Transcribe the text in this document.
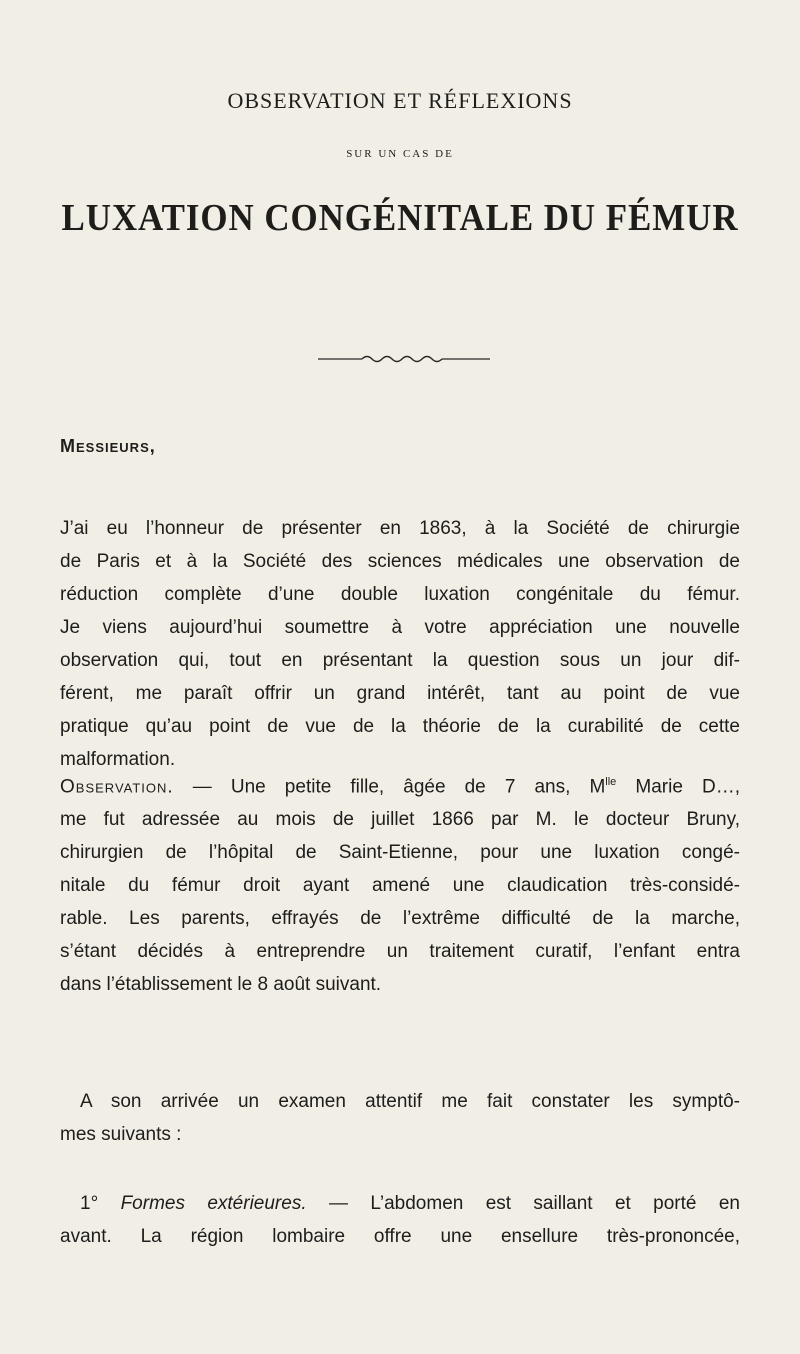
OBSERVATION ET RÉFLEXIONS
SUR UN CAS DE
LUXATION CONGÉNITALE DU FÉMUR
Messieurs,
J’ai eu l’honneur de présenter en 1863, à la Société de chirurgie
de Paris et à la Société des sciences médicales une observation de
réduction complète d’une double luxation congénitale du fémur.
Je viens aujourd’hui soumettre à votre appréciation une nouvelle
observation qui, tout en présentant la question sous un jour dif-
férent, me paraît offrir un grand intérêt, tant au point de vue
pratique qu’au point de vue de la théorie de la curabilité de cette
malformation.
Observation. — Une petite fille, âgée de 7 ans, $M^{lle}$ Marie D…,
me fut adressée au mois de juillet 1866 par M. le docteur Bruny,
chirurgien de l’hôpital de Saint-Etienne, pour une luxation congé-
nitale du fémur droit ayant amené une claudication très-considé-
rable. Les parents, effrayés de l’extrême difficulté de la marche,
s’étant décidés à entreprendre un traitement curatif, l’enfant entra
dans l’établissement le 8 août suivant.
A son arrivée un examen attentif me fait constater les symptô-
mes suivants :
1° Formes extérieures. — L’abdomen est saillant et porté en
avant. La région lombaire offre une ensellure très-prononcée,
